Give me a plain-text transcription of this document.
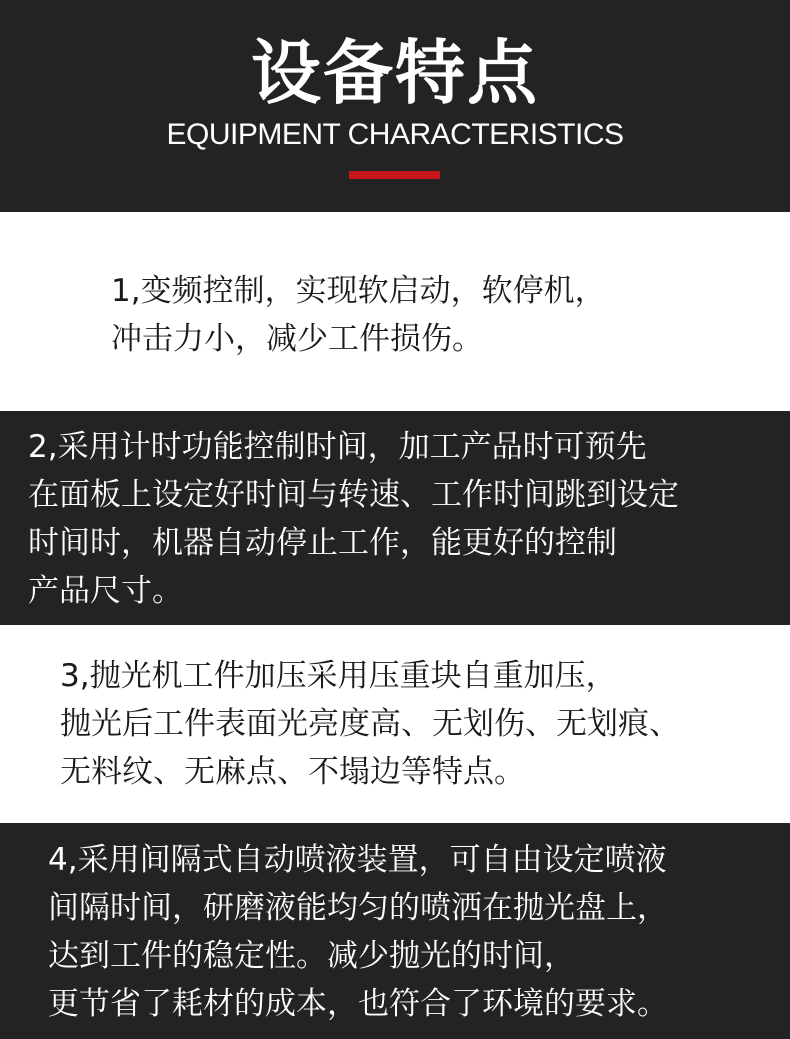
设备特点
EQUIPMENT CHARACTERISTICS
1,变频控制，实现软启动，软停机，
冲击力小，减少工件损伤。
2,采用计时功能控制时间，加工产品时可预先
在面板上设定好时间与转速、工作时间跳到设定
时间时，机器自动停止工作，能更好的控制
产品尺寸。
3,抛光机工件加压采用压重块自重加压，
抛光后工件表面光亮度高、无划伤、无划痕、
无料纹、无麻点、不塌边等特点。
4,采用间隔式自动喷液装置，可自由设定喷液
间隔时间，研磨液能均匀的喷洒在抛光盘上，
达到工件的稳定性。减少抛光的时间，
更节省了耗材的成本，也符合了环境的要求。
